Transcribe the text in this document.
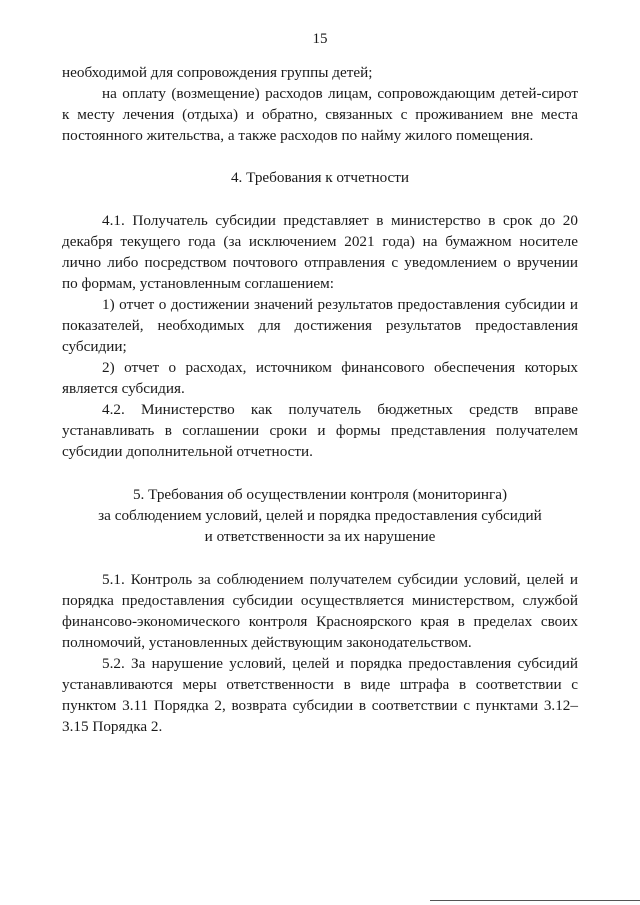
15

необходимой для сопровождения группы детей;

на оплату (возмещение) расходов лицам, сопровождающим детей-сирот к месту лечения (отдыха) и обратно, связанных с проживанием вне места постоянного жительства, а также расходов по найму жилого помещения.

4. Требования к отчетности

4.1. Получатель субсидии представляет в министерство в срок до 20 декабря текущего года (за исключением 2021 года) на бумажном носителе лично либо посредством почтового отправления с уведомлением о вручении по формам, установленным соглашением:

1) отчет о достижении значений результатов предоставления субсидии и показателей, необходимых для достижения результатов предоставления субсидии;

2) отчет о расходах, источником финансового обеспечения которых является субсидия.

4.2. Министерство как получатель бюджетных средств вправе устанавливать в соглашении сроки и формы представления получателем субсидии дополнительной отчетности.

5. Требования об осуществлении контроля (мониторинга)

за соблюдением условий, целей и порядка предоставления субсидий

и ответственности за их нарушение

5.1. Контроль за соблюдением получателем субсидии условий, целей и порядка предоставления субсидии осуществляется министерством, службой финансово-экономического контроля Красноярского края в пределах своих полномочий, установленных действующим законодательством.

5.2. За нарушение условий, целей и порядка предоставления субсидий устанавливаются меры ответственности в виде штрафа в соответствии с пунктом 3.11 Порядка 2, возврата субсидии в соответствии с пунктами 3.12–3.15 Порядка 2.
